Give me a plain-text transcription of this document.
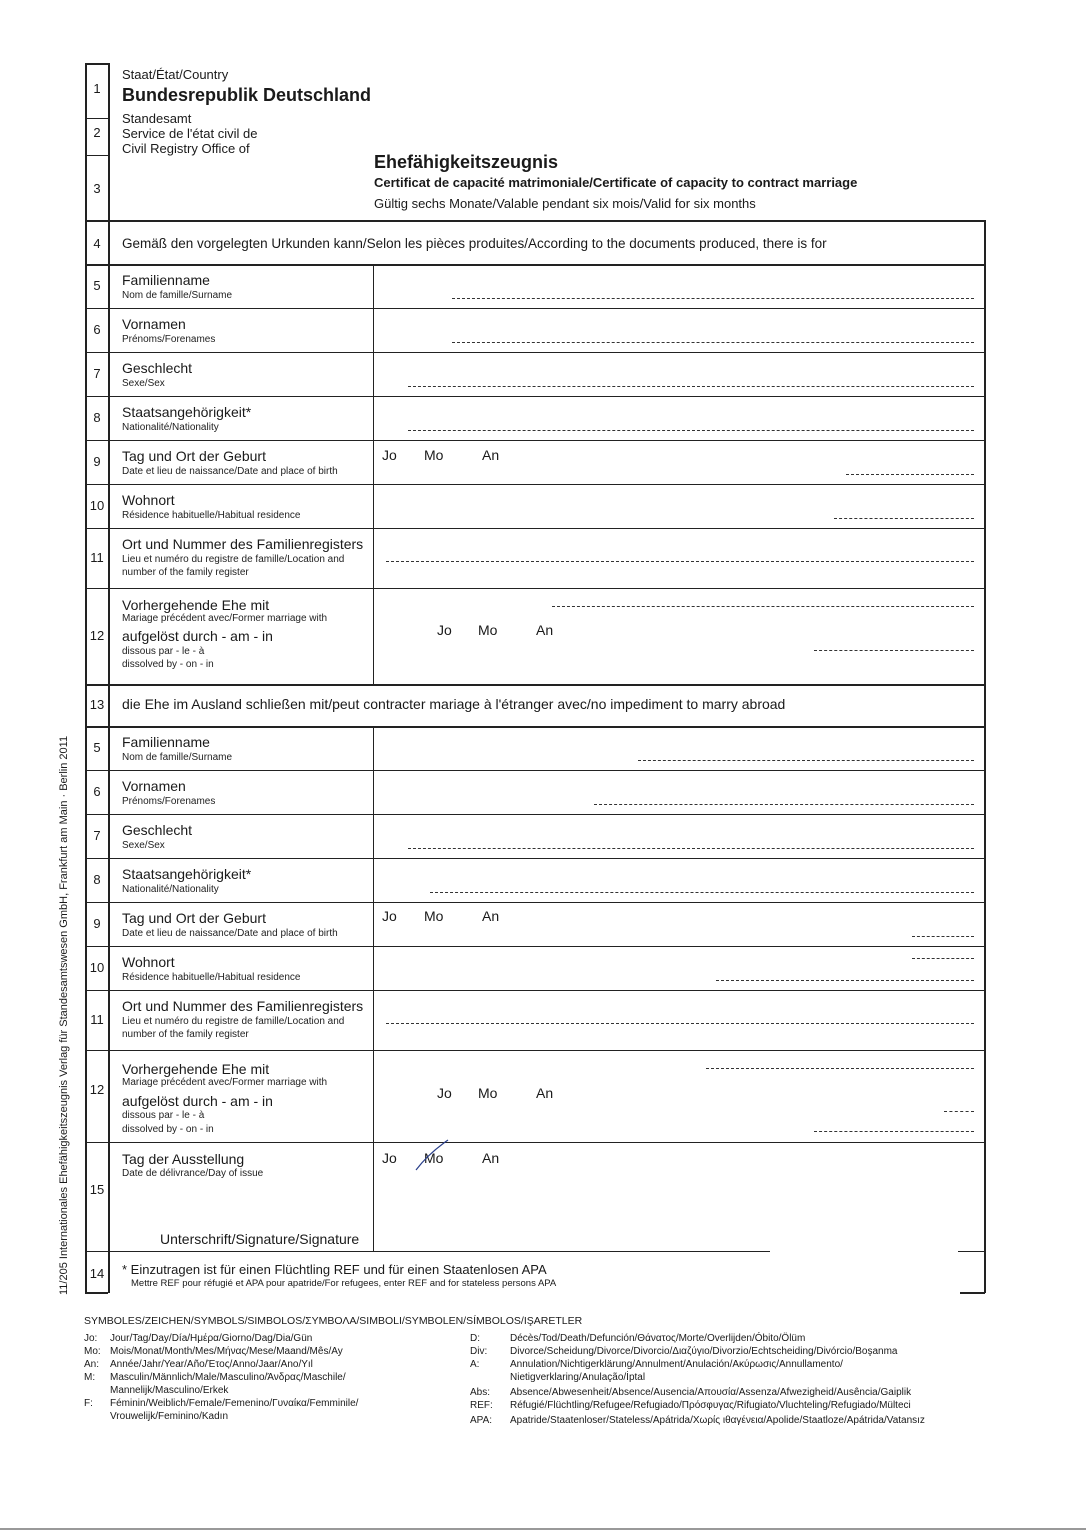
1
Staat/État/Country
Bundesrepublik Deutschland
2
Standesamt
Service de l'état civil de
Civil Registry Office of
3
Ehefähigkeitszeugnis
Certificat de capacité matrimoniale/Certificate of capacity to contract marriage
Gültig sechs Monate/Valable pendant six mois/Valid for six months
4	Gemäß den vorgelegten Urkunden kann/Selon les pièces produites/According to the documents produced, there is for
5	Familienname
Nom de famille/Surname
6	Vornamen
Prénoms/Forenames
7	Geschlecht
Sexe/Sex
8	Staatsangehörigkeit*
Nationalité/Nationality
9	Tag und Ort der Geburt
Date et lieu de naissance/Date and place of birth
Jo Mo	An
10 Wohnort
Résidence habituelle/Habitual residence
11
Ort und Nummer des Familienregisters
Lieu et numéro du registre de famille/Location and
number of the family register
12
Vorhergehende Ehe mit
Mariage précédent avec/Former marriage with
aufgelöst durch - am - in
dissous par - le - à
dissolved by - on - in
Jo Mo	An
13 die Ehe im Ausland schließen mit/peut contracter mariage à l'étranger avec/no impediment to marry abroad
5	Familienname
Nom de famille/Surname
6	Vornamen
Prénoms/Forenames
7	Geschlecht
Sexe/Sex
8	Staatsangehörigkeit*
Nationalité/Nationality
9	Tag und Ort der Geburt
Date et lieu de naissance/Date and place of birth
Jo Mo	An
10 Wohnort
Résidence habituelle/Habitual residence
11
Ort und Nummer des Familienregisters
Lieu et numéro du registre de famille/Location and
number of the family register
12
Vorhergehende Ehe mit
Mariage précédent avec/Former marriage with
aufgelöst durch - am - in
dissous par - le - à
dissolved by - on - in
Jo Mo	An
15
Tag der Ausstellung
Date de délivrance/Day of issue
Jo Mo	An
Unterschrift/Signature/Signature
14 * Einzutragen ist für einen Flüchtling REF und für einen Staatenlosen APA
Mettre REF pour réfugié et APA pour apatride/For refugees, enter REF and for stateless persons APA
11/205 Internationales Ehefähigkeitszeugnis Verlag für Standesamtswesen GmbH, Frankfurt am Main · Berlin 2011
SYMBOLES/ZEICHEN/SYMBOLS/SIMBOLOS/ΣΥΜΒΟΛΑ/SIMBOLI/SYMBOLEN/SÍMBOLOS/IŞARETLER
Jo: Jour/Tag/Day/Día/Ημέρα/Giorno/Dag/Dia/Gün
Mo: Mois/Monat/Month/Mes/Μήνας/Mese/Maand/Mês/Ay
An: Année/Jahr/Year/Año/Έτος/Anno/Jaar/Ano/Yıl
M: Masculin/Männlich/Male/Masculino/Άνδρας/Maschile/
Mannelijk/Masculino/Erkek
F: Féminin/Weiblich/Female/Femenino/Γυναίκα/Femminile/
Vrouwelijk/Feminino/Kadın
D:	Décès/Tod/Death/Defunción/Θάνατος/Morte/Overlijden/Óbito/Ölüm
Div: Divorce/Scheidung/Divorce/Divorcio/Διαζύγιο/Divorzio/Echtscheiding/Divórcio/Boşanma
A:	Annulation/Nichtigerklärung/Annulment/Anulación/Ακύρωσις/Annullamento/
Nietigverklaring/Anulação/İptal
Abs: Absence/Abwesenheit/Absence/Ausencia/Απουσία/Assenza/Afwezigheid/Ausência/Gaiplik
REF: Réfugié/Flüchtling/Refugee/Refugiado/Πρόσφυγας/Rifugiato/Vluchteling/Refugiado/Mülteci
APA: Apatride/Staatenloser/Stateless/Apátrida/Χωρίς ιθαγένεια/Apolide/Staatloze/Apátrida/Vatansız
